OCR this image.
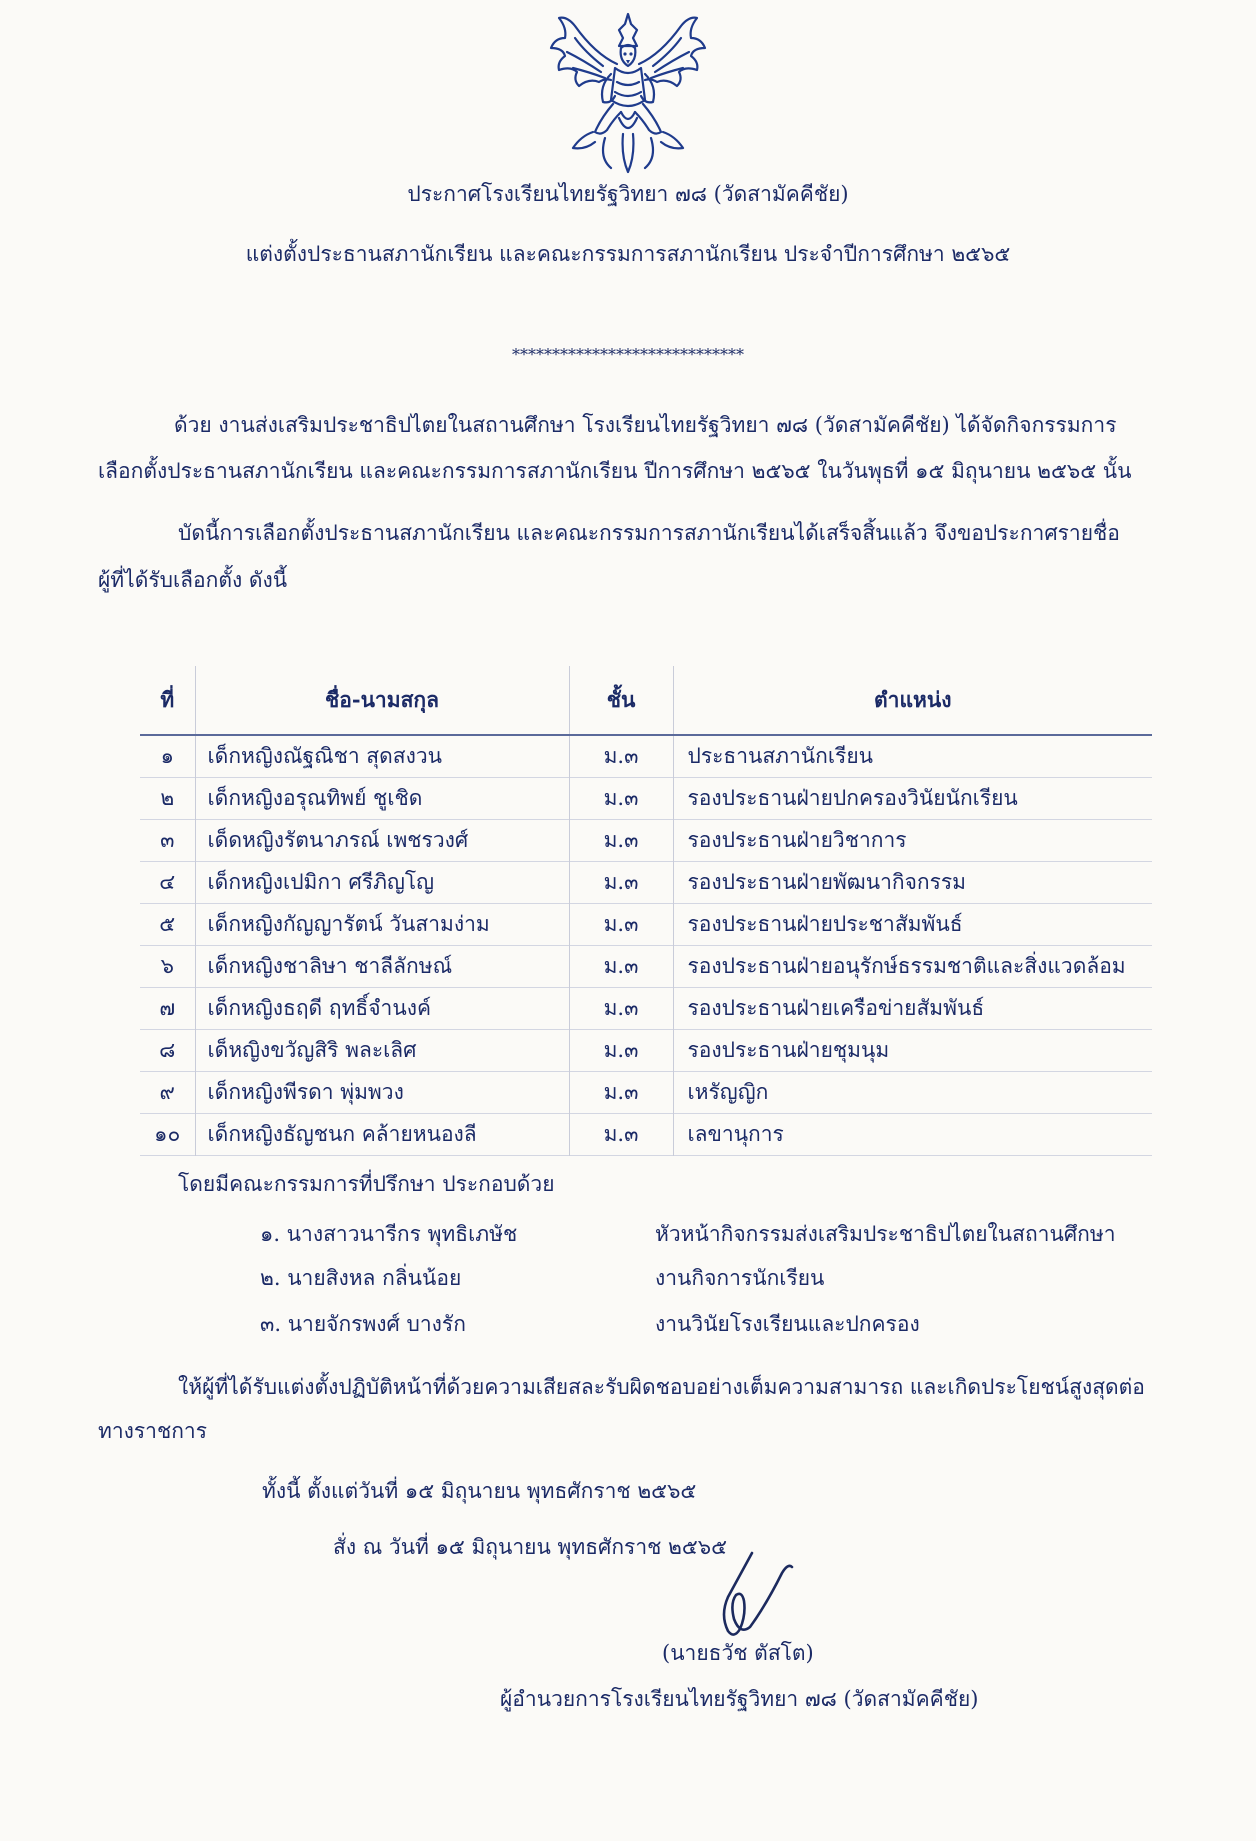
ประกาศโรงเรียนไทยรัฐวิทยา ๗๘ (วัดสามัคคีชัย)
แต่งตั้งประธานสภานักเรียน และคณะกรรมการสภานักเรียน ประจำปีการศึกษา ๒๕๖๕
*****************************
ด้วย งานส่งเสริมประชาธิปไตยในสถานศึกษา โรงเรียนไทยรัฐวิทยา ๗๘ (วัดสามัคคีชัย) ได้จัดกิจกรรมการ
เลือกตั้งประธานสภานักเรียน และคณะกรรมการสภานักเรียน ปีการศึกษา ๒๕๖๕ ในวันพุธที่ ๑๕ มิถุนายน ๒๕๖๕ นั้น
บัดนี้การเลือกตั้งประธานสภานักเรียน และคณะกรรมการสภานักเรียนได้เสร็จสิ้นแล้ว จึงขอประกาศรายชื่อ
ผู้ที่ได้รับเลือกตั้ง ดังนี้
ที่	ชื่อ-นามสกุล	ชั้น	ตำแหน่ง
๑	เด็กหญิงณัฐณิชา สุดสงวน	ม.๓	ประธานสภานักเรียน
๒	เด็กหญิงอรุณทิพย์ ชูเชิด	ม.๓	รองประธานฝ่ายปกครองวินัยนักเรียน
๓	เด็ดหญิงรัตนาภรณ์ เพชรวงศ์	ม.๓	รองประธานฝ่ายวิชาการ
๔	เด็กหญิงเปมิกา ศรีภิญโญ	ม.๓	รองประธานฝ่ายพัฒนากิจกรรม
๕	เด็กหญิงกัญญารัตน์ วันสามง่าม	ม.๓	รองประธานฝ่ายประชาสัมพันธ์
๖	เด็กหญิงชาลิษา ชาลีลักษณ์	ม.๓	รองประธานฝ่ายอนุรักษ์ธรรมชาติและสิ่งแวดล้อม
๗	เด็กหญิงธฤดี ฤทธิ์จำนงค์	ม.๓	รองประธานฝ่ายเครือข่ายสัมพันธ์
๘	เด็หญิงขวัญสิริ พละเลิศ	ม.๓	รองประธานฝ่ายชุมนุม
๙	เด็กหญิงพีรดา พุ่มพวง	ม.๓	เหรัญญิก
๑๐	เด็กหญิงธัญชนก คล้ายหนองลี	ม.๓	เลขานุการ
โดยมีคณะกรรมการที่ปรึกษา ประกอบด้วย
๑. นางสาวนารีกร พุทธิเภษัช	หัวหน้ากิจกรรมส่งเสริมประชาธิปไตยในสถานศึกษา
๒. นายสิงหล กลิ่นน้อย	งานกิจการนักเรียน
๓. นายจักรพงศ์ บางรัก	งานวินัยโรงเรียนและปกครอง
ให้ผู้ที่ได้รับแต่งตั้งปฏิบัติหน้าที่ด้วยความเสียสละรับผิดชอบอย่างเต็มความสามารถ และเกิดประโยชน์สูงสุดต่อ
ทางราชการ
ทั้งนี้ ตั้งแต่วันที่ ๑๕ มิถุนายน พุทธศักราช ๒๕๖๕
สั่ง ณ วันที่ ๑๕ มิถุนายน พุทธศักราช ๒๕๖๕
(นายธวัช ตัสโต)
ผู้อำนวยการโรงเรียนไทยรัฐวิทยา ๗๘ (วัดสามัคคีชัย)
